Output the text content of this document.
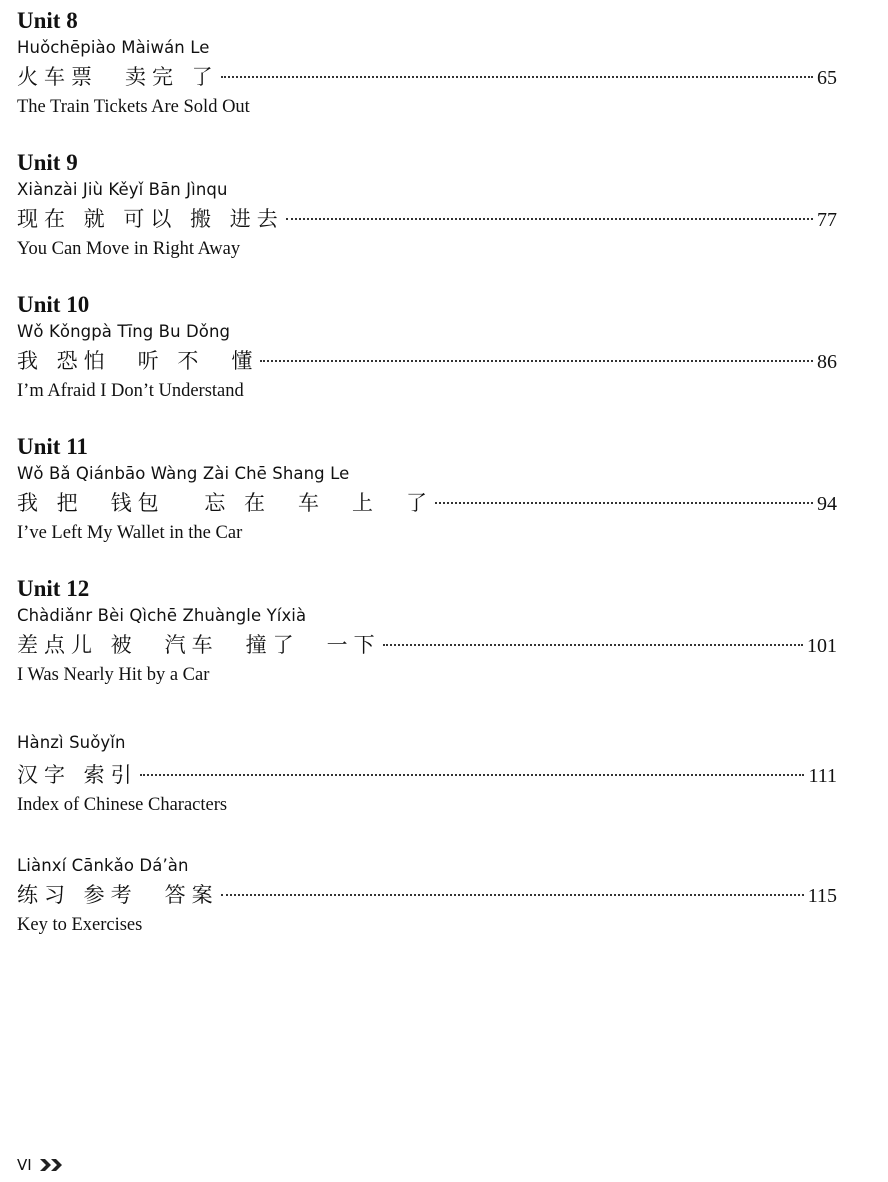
Unit 8
Huǒchēpiào Màiwán Le
火车票　卖完 了	65
The Train Tickets Are Sold Out
Unit 9
Xiànzài Jiù Kěyǐ Bān Jìnqu
现在 就 可以 搬 进去	77
You Can Move in Right Away
Unit 10
Wǒ Kǒngpà Tīng Bu Dǒng
我 恐怕　听 不　懂	86
I’m Afraid I Don’t Understand
Unit 11
Wǒ Bǎ Qiánbāo Wàng Zài Chē Shang Le
我 把　钱包　 忘 在　车　上　了	94
I’ve Left My Wallet in the Car
Unit 12
Chàdiǎnr Bèi Qìchē Zhuàngle Yíxià
差点儿 被　汽车　撞了　一下	101
I Was Nearly Hit by a Car
Hànzì Suǒyǐn
汉字 索引	111
Index of Chinese Characters
Liànxí Cānkǎo Dá’àn
练习 参考　答案	115
Key to Exercises
VI
